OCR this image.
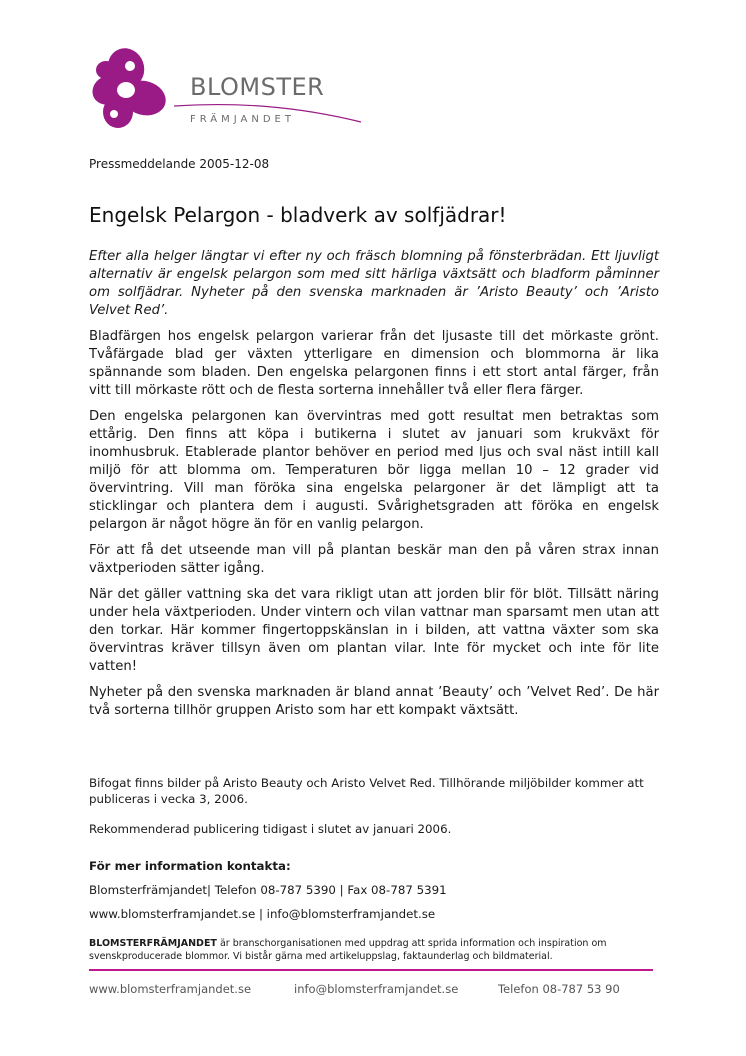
BLOMSTER
FRÄMJANDET
Pressmeddelande 2005-12-08
Engelsk Pelargon - bladverk av solfjädrar!

Efter alla helger längtar vi efter ny och fräsch blomning på fönsterbrädan. Ett ljuvligt alternativ är engelsk pelargon som med sitt härliga växtsätt och bladform påminner om solfjädrar. Nyheter på den svenska marknaden är ’Aristo Beauty’ och ’Aristo Velvet Red’.

Bladfärgen hos engelsk pelargon varierar från det ljusaste till det mörkaste grönt. Tvåfärgade blad ger växten ytterligare en dimension och blommorna är lika spännande som bladen. Den engelska pelargonen finns i ett stort antal färger, från vitt till mörkaste rött och de flesta sorterna innehåller två eller flera färger.

Den engelska pelargonen kan övervintras med gott resultat men betraktas som ettårig. Den finns att köpa i butikerna i slutet av januari som krukväxt för inomhusbruk. Etablerade plantor behöver en period med ljus och sval näst intill kall miljö för att blomma om. Temperaturen bör ligga mellan 10 – 12 grader vid övervintring. Vill man föröka sina engelska pelargoner är det lämpligt att ta sticklingar och plantera dem i augusti. Svårighetsgraden att föröka en engelsk pelargon är något högre än för en vanlig pelargon.

För att få det utseende man vill på plantan beskär man den på våren strax innan växtperioden sätter igång.

När det gäller vattning ska det vara rikligt utan att jorden blir för blöt. Tillsätt näring under hela växtperioden. Under vintern och vilan vattnar man sparsamt men utan att den torkar. Här kommer fingertoppskänslan in i bilden, att vattna växter som ska övervintras kräver tillsyn även om plantan vilar. Inte för mycket och inte för lite vatten!

Nyheter på den svenska marknaden är bland annat ’Beauty’ och ’Velvet Red’. De här två sorterna tillhör gruppen Aristo som har ett kompakt växtsätt.

Bifogat finns bilder på Aristo Beauty och Aristo Velvet Red. Tillhörande miljöbilder kommer att publiceras i vecka 3, 2006.

Rekommenderad publicering tidigast i slutet av januari 2006.

För mer information kontakta:
Blomsterfrämjandet| Telefon 08-787 5390 | Fax 08-787 5391
www.blomsterframjandet.se | info@blomsterframjandet.se
BLOMSTERFRÄMJANDET är branschorganisationen med uppdrag att sprida information och inspiration om svenskproducerade blommor. Vi bistår gärna med artikeluppslag, faktaunderlag och bildmaterial.
www.blomsterframjandet.se	info@blomsterframjandet.se	Telefon 08-787 53 90
